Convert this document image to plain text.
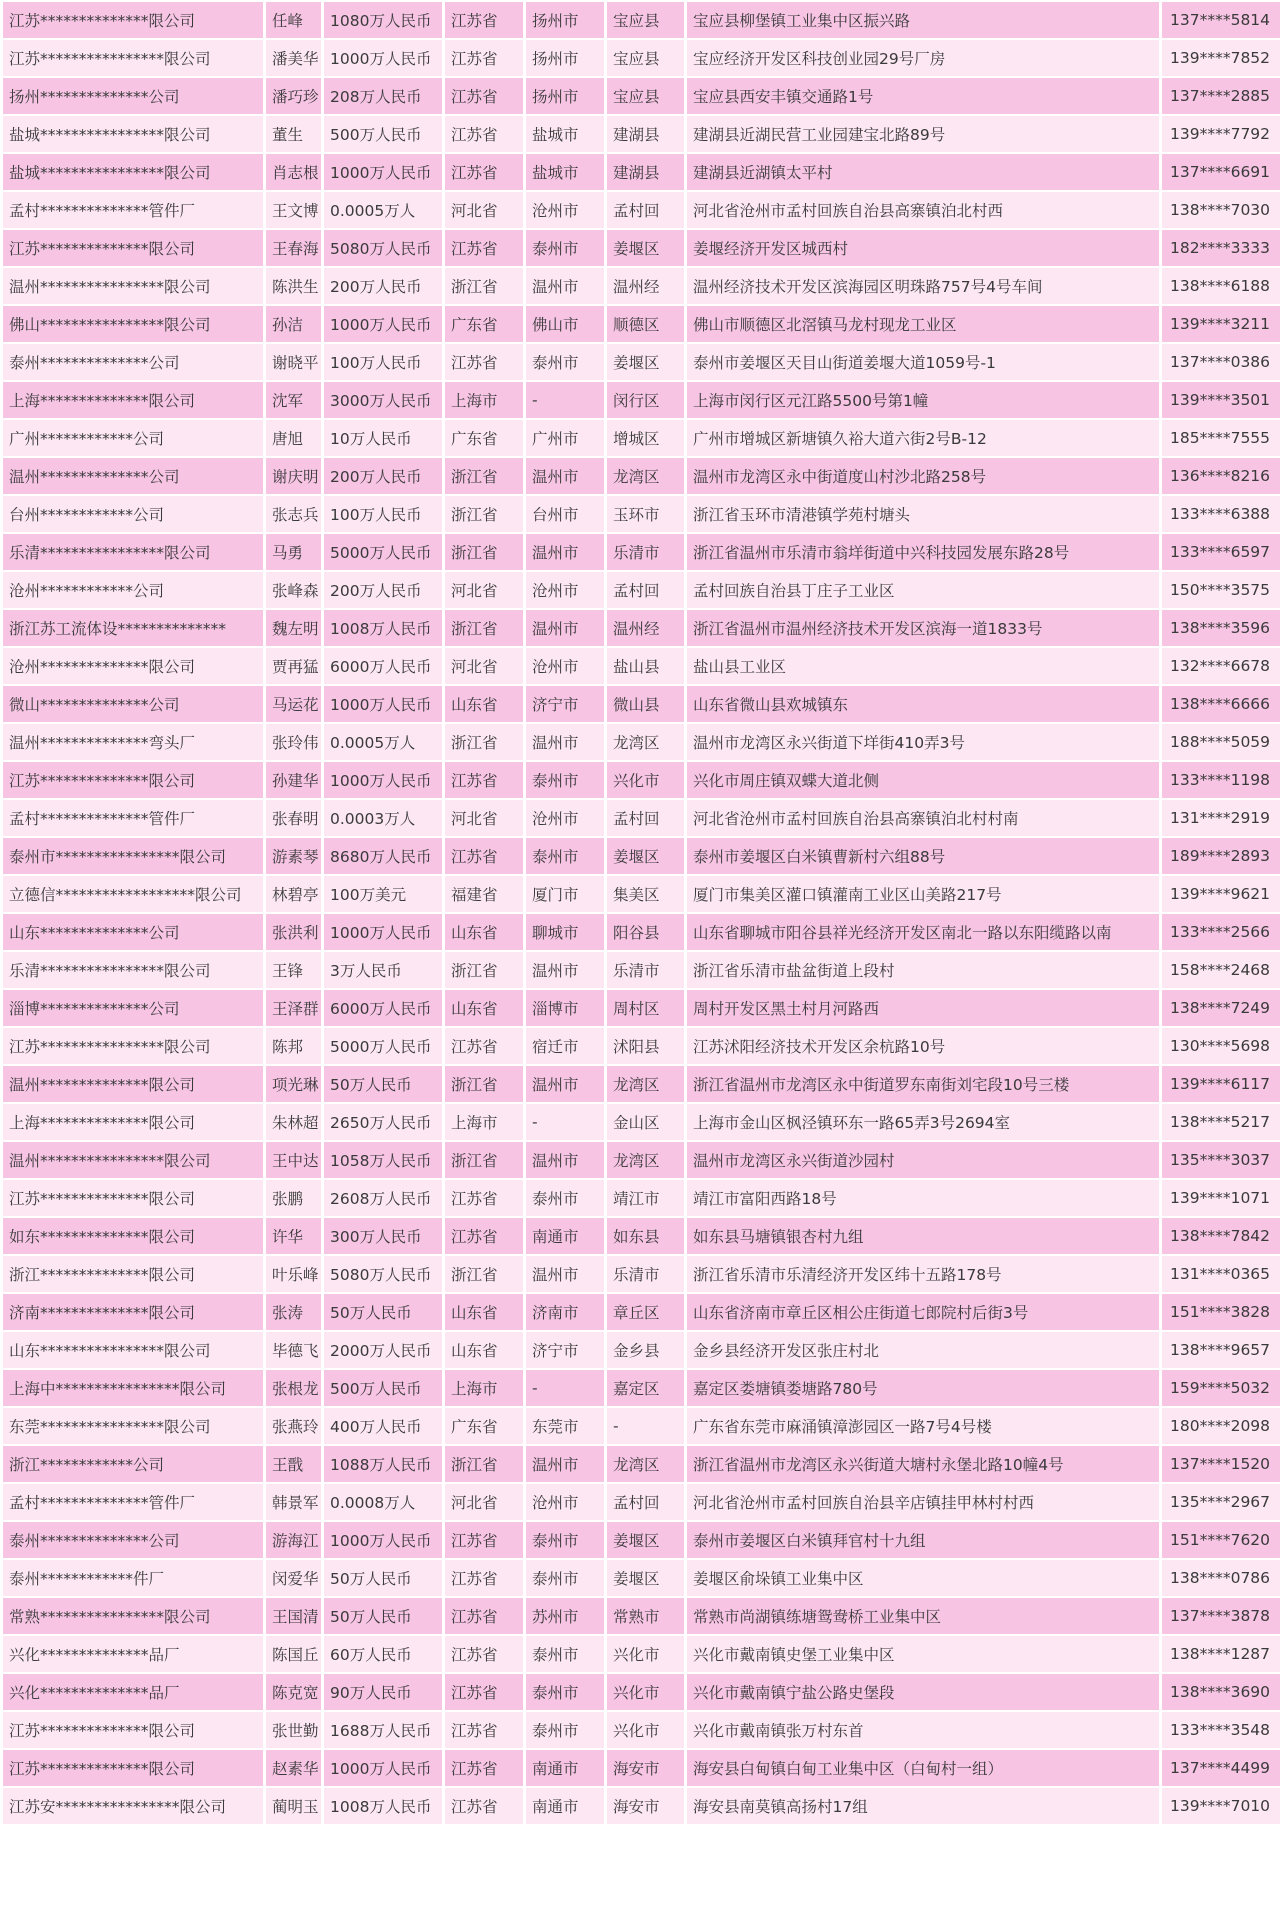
江苏**************限公司	任峰	1080万人民币	江苏省	扬州市	宝应县	宝应县柳堡镇工业集中区振兴路	137****5814
江苏****************限公司	潘美华	1000万人民币	江苏省	扬州市	宝应县	宝应经济开发区科技创业园29号厂房	139****7852
扬州**************公司	潘巧珍	208万人民币	江苏省	扬州市	宝应县	宝应县西安丰镇交通路1号	137****2885
盐城****************限公司	董生	500万人民币	江苏省	盐城市	建湖县	建湖县近湖民营工业园建宝北路89号	139****7792
盐城****************限公司	肖志根	1000万人民币	江苏省	盐城市	建湖县	建湖县近湖镇太平村	137****6691
孟村**************管件厂	王文博	0.0005万人	河北省	沧州市	孟村回	河北省沧州市孟村回族自治县高寨镇泊北村西	138****7030
江苏**************限公司	王春海	5080万人民币	江苏省	泰州市	姜堰区	姜堰经济开发区城西村	182****3333
温州****************限公司	陈洪生	200万人民币	浙江省	温州市	温州经	温州经济技术开发区滨海园区明珠路757号4号车间	138****6188
佛山****************限公司	孙洁	1000万人民币	广东省	佛山市	顺德区	佛山市顺德区北滘镇马龙村现龙工业区	139****3211
泰州**************公司	谢晓平	100万人民币	江苏省	泰州市	姜堰区	泰州市姜堰区天目山街道姜堰大道1059号-1	137****0386
上海**************限公司	沈军	3000万人民币	上海市	-	闵行区	上海市闵行区元江路5500号第1幢	139****3501
广州************公司	唐旭	10万人民币	广东省	广州市	增城区	广州市增城区新塘镇久裕大道六街2号B-12	185****7555
温州**************公司	谢庆明	200万人民币	浙江省	温州市	龙湾区	温州市龙湾区永中街道度山村沙北路258号	136****8216
台州************公司	张志兵	100万人民币	浙江省	台州市	玉环市	浙江省玉环市清港镇学苑村塘头	133****6388
乐清****************限公司	马勇	5000万人民币	浙江省	温州市	乐清市	浙江省温州市乐清市翁垟街道中兴科技园发展东路28号	133****6597
沧州************公司	张峰森	200万人民币	河北省	沧州市	孟村回	孟村回族自治县丁庄子工业区	150****3575
浙江苏工流体设**************	魏左明	1008万人民币	浙江省	温州市	温州经	浙江省温州市温州经济技术开发区滨海一道1833号	138****3596
沧州**************限公司	贾再猛	6000万人民币	河北省	沧州市	盐山县	盐山县工业区	132****6678
微山**************公司	马运花	1000万人民币	山东省	济宁市	微山县	山东省微山县欢城镇东	138****6666
温州**************弯头厂	张玲伟	0.0005万人	浙江省	温州市	龙湾区	温州市龙湾区永兴街道下垟街410弄3号	188****5059
江苏**************限公司	孙建华	1000万人民币	江苏省	泰州市	兴化市	兴化市周庄镇双蝶大道北侧	133****1198
孟村**************管件厂	张春明	0.0003万人	河北省	沧州市	孟村回	河北省沧州市孟村回族自治县高寨镇泊北村村南	131****2919
泰州市****************限公司	游素琴	8680万人民币	江苏省	泰州市	姜堰区	泰州市姜堰区白米镇曹新村六组88号	189****2893
立德信******************限公司	林碧亭	100万美元	福建省	厦门市	集美区	厦门市集美区灌口镇灌南工业区山美路217号	139****9621
山东**************公司	张洪利	1000万人民币	山东省	聊城市	阳谷县	山东省聊城市阳谷县祥光经济开发区南北一路以东阳缆路以南	133****2566
乐清****************限公司	王锋	3万人民币	浙江省	温州市	乐清市	浙江省乐清市盐盆街道上段村	158****2468
淄博**************公司	王泽群	6000万人民币	山东省	淄博市	周村区	周村开发区黑土村月河路西	138****7249
江苏****************限公司	陈邦	5000万人民币	江苏省	宿迁市	沭阳县	江苏沭阳经济技术开发区余杭路10号	130****5698
温州**************限公司	项光琳	50万人民币	浙江省	温州市	龙湾区	浙江省温州市龙湾区永中街道罗东南街刘宅段10号三楼	139****6117
上海**************限公司	朱林超	2650万人民币	上海市	-	金山区	上海市金山区枫泾镇环东一路65弄3号2694室	138****5217
温州****************限公司	王中达	1058万人民币	浙江省	温州市	龙湾区	温州市龙湾区永兴街道沙园村	135****3037
江苏**************限公司	张鹏	2608万人民币	江苏省	泰州市	靖江市	靖江市富阳西路18号	139****1071
如东**************限公司	许华	300万人民币	江苏省	南通市	如东县	如东县马塘镇银杏村九组	138****7842
浙江**************限公司	叶乐峰	5080万人民币	浙江省	温州市	乐清市	浙江省乐清市乐清经济开发区纬十五路178号	131****0365
济南**************限公司	张涛	50万人民币	山东省	济南市	章丘区	山东省济南市章丘区相公庄街道七郎院村后街3号	151****3828
山东****************限公司	毕德飞	2000万人民币	山东省	济宁市	金乡县	金乡县经济开发区张庄村北	138****9657
上海中****************限公司	张根龙	500万人民币	上海市	-	嘉定区	嘉定区娄塘镇娄塘路780号	159****5032
东莞****************限公司	张燕玲	400万人民币	广东省	东莞市	-	广东省东莞市麻涌镇漳澎园区一路7号4号楼	180****2098
浙江************公司	王戬	1088万人民币	浙江省	温州市	龙湾区	浙江省温州市龙湾区永兴街道大塘村永堡北路10幢4号	137****1520
孟村**************管件厂	韩景军	0.0008万人	河北省	沧州市	孟村回	河北省沧州市孟村回族自治县辛店镇挂甲林村村西	135****2967
泰州**************公司	游海江	1000万人民币	江苏省	泰州市	姜堰区	泰州市姜堰区白米镇拜官村十九组	151****7620
泰州************件厂	闵爱华	50万人民币	江苏省	泰州市	姜堰区	姜堰区俞垛镇工业集中区	138****0786
常熟****************限公司	王国清	50万人民币	江苏省	苏州市	常熟市	常熟市尚湖镇练塘鸳鸯桥工业集中区	137****3878
兴化**************品厂	陈国丘	60万人民币	江苏省	泰州市	兴化市	兴化市戴南镇史堡工业集中区	138****1287
兴化**************品厂	陈克宽	90万人民币	江苏省	泰州市	兴化市	兴化市戴南镇宁盐公路史堡段	138****3690
江苏**************限公司	张世勤	1688万人民币	江苏省	泰州市	兴化市	兴化市戴南镇张万村东首	133****3548
江苏**************限公司	赵素华	1000万人民币	江苏省	南通市	海安市	海安县白甸镇白甸工业集中区（白甸村一组）	137****4499
江苏安****************限公司	蔺明玉	1008万人民币	江苏省	南通市	海安市	海安县南莫镇高扬村17组	139****7010
